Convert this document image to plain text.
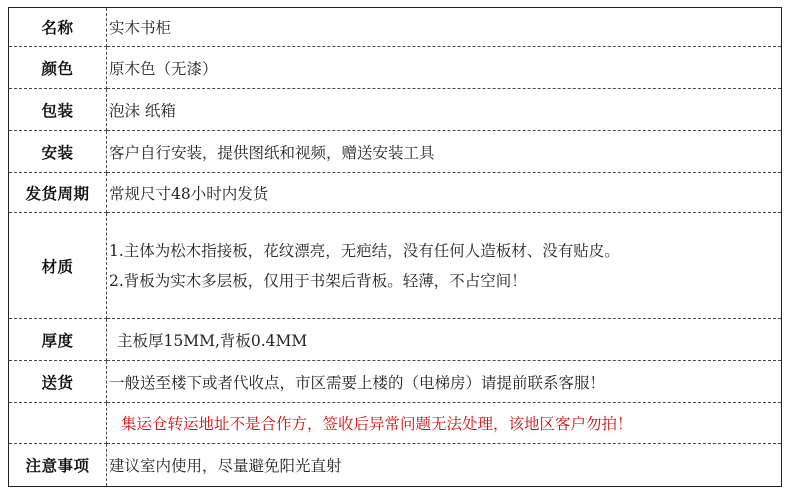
名称	实木书柜
颜色	原木色（无漆）
包装	泡沫 纸箱
安装	客户自行安装，提供图纸和视频，赠送安装工具
发货周期	常规尺寸48小时内发货
材质	1.主体为松木指接板，花纹漂亮，无疤结，没有任何人造板材、没有贴皮。
2.背板为实木多层板，仅用于书架后背板。轻薄，不占空间！

厚度	主板厚15MM,背板0.4MM
送货	一般送至楼下或者代收点，市区需要上楼的（电梯房）请提前联系客服！
	集运仓转运地址不是合作方，签收后异常问题无法处理，该地区客户勿拍！
注意事项	建议室内使用，尽量避免阳光直射
